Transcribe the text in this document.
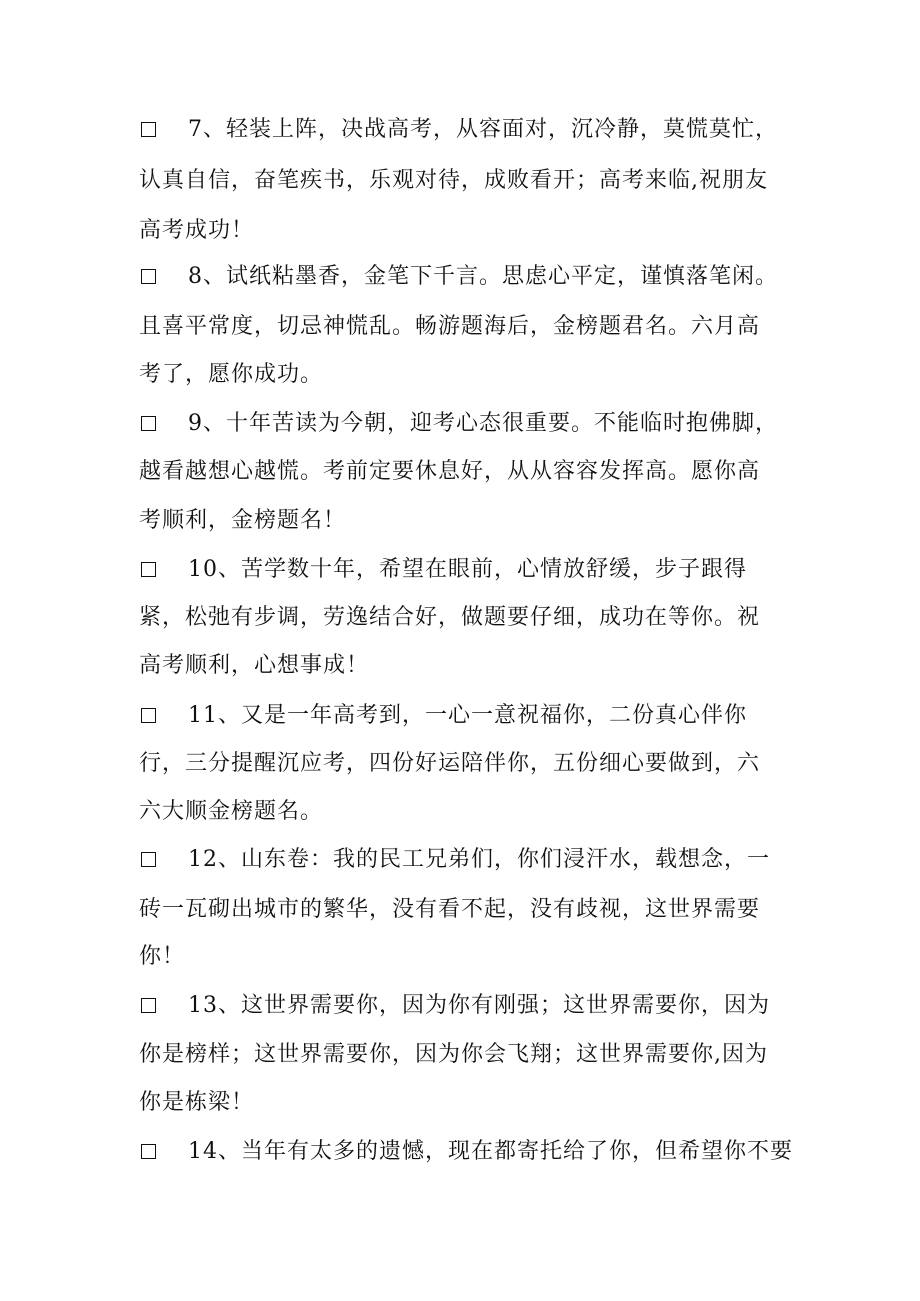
7、轻装上阵，决战高考，从容面对，沉冷静，莫慌莫忙，
认真自信，奋笔疾书，乐观对待，成败看开；高考来临,祝朋友
高考成功！
8、试纸粘墨香，金笔下千言。思虑心平定，谨慎落笔闲。
且喜平常度，切忌神慌乱。畅游题海后，金榜题君名。六月高
考了，愿你成功。
9、十年苦读为今朝，迎考心态很重要。不能临时抱佛脚，
越看越想心越慌。考前定要休息好，从从容容发挥高。愿你高
考顺利，金榜题名！
10、苦学数十年，希望在眼前，心情放舒缓，步子跟得
紧，松弛有步调，劳逸结合好，做题要仔细，成功在等你。祝
高考顺利，心想事成！
11、又是一年高考到，一心一意祝福你，二份真心伴你
行，三分提醒沉应考，四份好运陪伴你，五份细心要做到，六
六大顺金榜题名。
12、山东卷：我的民工兄弟们，你们浸汗水，载想念，一
砖一瓦砌出城市的繁华，没有看不起，没有歧视，这世界需要
你！
13、这世界需要你，因为你有刚强；这世界需要你，因为
你是榜样；这世界需要你，因为你会飞翔；这世界需要你,因为
你是栋梁！
14、当年有太多的遗憾，现在都寄托给了你，但希望你不要
